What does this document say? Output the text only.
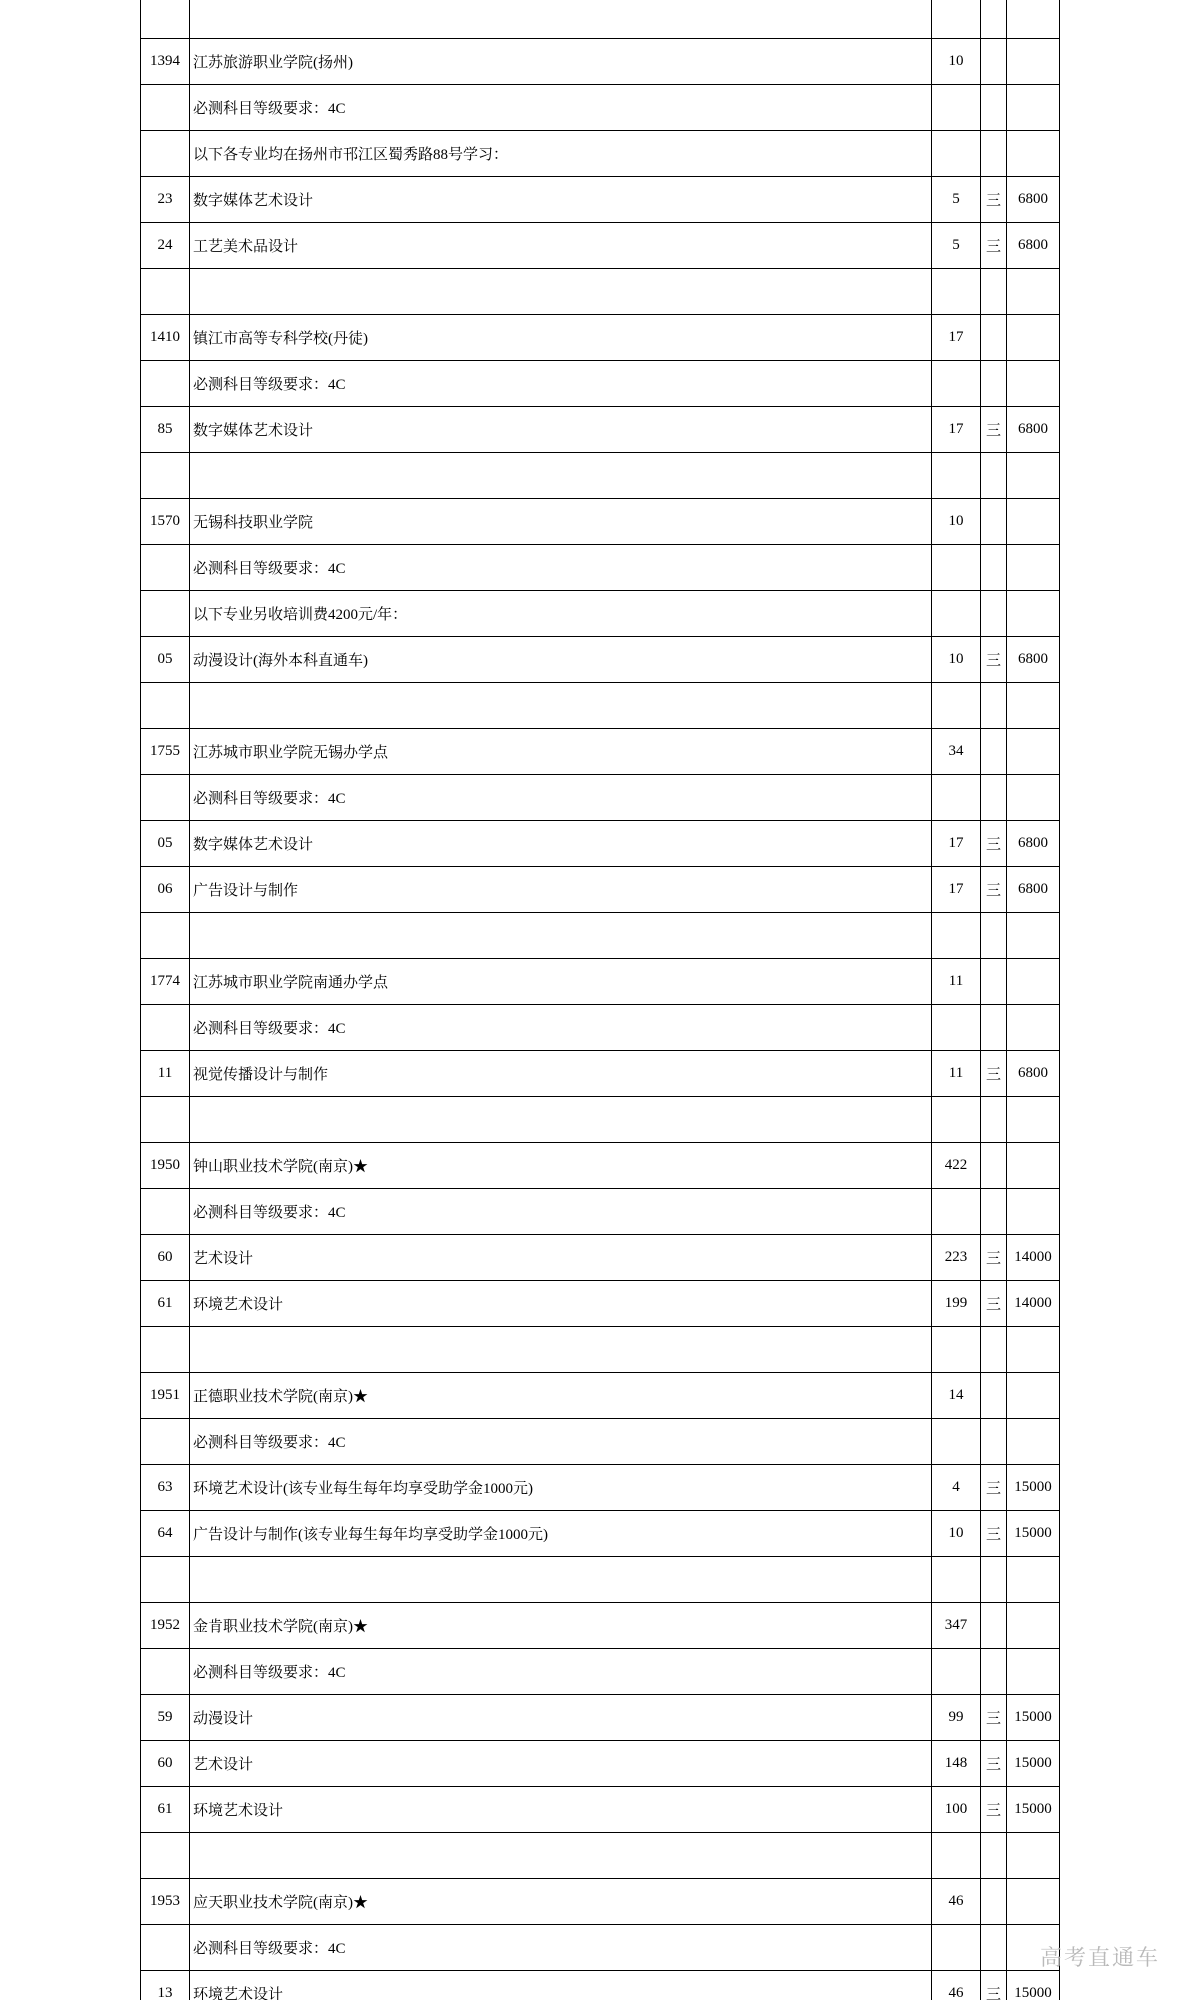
1394	江苏旅游职业学院(扬州)	10		
	必测科目等级要求：4C			
	以下各专业均在扬州市邗江区蜀秀路88号学习：			
23	数字媒体艺术设计	5	三	6800
24	工艺美术品设计	5	三	6800

1410	镇江市高等专科学校(丹徒)	17		
	必测科目等级要求：4C			
85	数字媒体艺术设计	17	三	6800

1570	无锡科技职业学院	10		
	必测科目等级要求：4C			
	以下专业另收培训费4200元/年：			
05	动漫设计(海外本科直通车)	10	三	6800

1755	江苏城市职业学院无锡办学点	34		
	必测科目等级要求：4C			
05	数字媒体艺术设计	17	三	6800
06	广告设计与制作	17	三	6800

1774	江苏城市职业学院南通办学点	11		
	必测科目等级要求：4C			
11	视觉传播设计与制作	11	三	6800

1950	钟山职业技术学院(南京)★	422		
	必测科目等级要求：4C			
60	艺术设计	223	三	14000
61	环境艺术设计	199	三	14000

1951	正德职业技术学院(南京)★	14		
	必测科目等级要求：4C			
63	环境艺术设计(该专业每生每年均享受助学金1000元)	4	三	15000
64	广告设计与制作(该专业每生每年均享受助学金1000元)	10	三	15000

1952	金肯职业技术学院(南京)★	347		
	必测科目等级要求：4C			
59	动漫设计	99	三	15000
60	艺术设计	148	三	15000
61	环境艺术设计	100	三	15000

1953	应天职业技术学院(南京)★	46		
	必测科目等级要求：4C			
13	环境艺术设计	46	三	15000
高考直通车
